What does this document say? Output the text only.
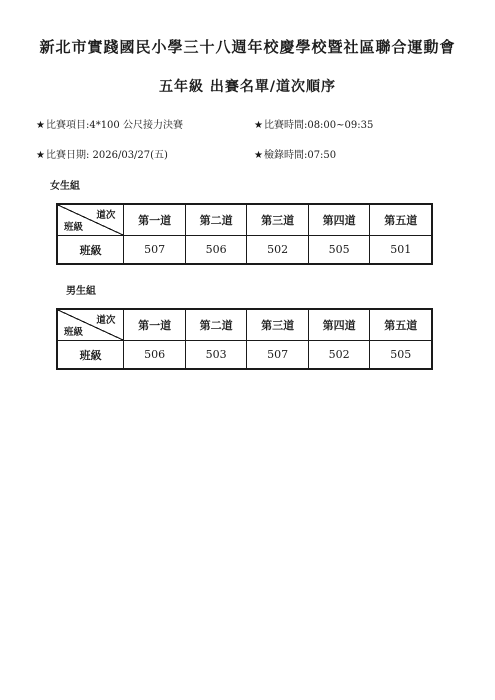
新北市實踐國民小學三十八週年校慶學校暨社區聯合運動會
五年級 出賽名單/道次順序
★比賽項目:4*100 公尺接力決賽	★比賽時間:08:00~09:35
★比賽日期: 2026/03/27(五)	★檢錄時間:07:50
女生組
道次
班級	第一道	第二道	第三道	第四道	第五道
班級	507	506	502	505	501
男生組
道次
班級	第一道	第二道	第三道	第四道	第五道
班級	506	503	507	502	505
